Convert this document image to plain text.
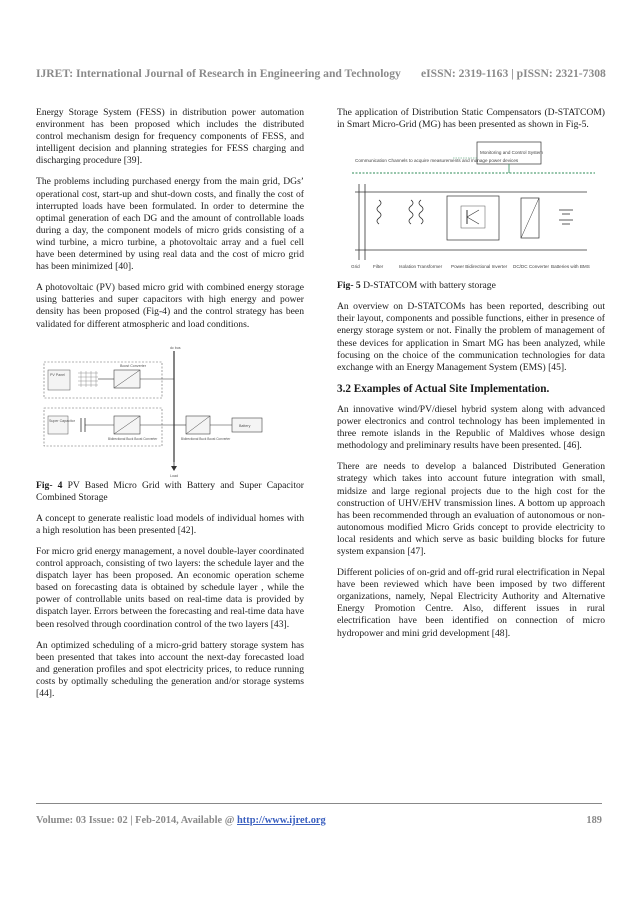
IJRET: International Journal of Research in Engineering and Technology eISSN: 2319-1163 | pISSN: 2321-7308

Energy Storage System (FESS) in distribution power automation environment has been proposed which includes the distributed control mechanism design for frequency components of FESS, and intelligent decision and planning strategies for FESS charging and discharging procedure [39].

The problems including purchased energy from the main grid, DGs’ operational cost, start-up and shut-down costs, and finally the cost of interrupted loads have been formulated. In order to determine the optimal generation of each DG and the amount of controllable loads during a day, the component models of micro grids consisting of a wind turbine, a micro turbine, a photovoltaic array and a fuel cell have been determined by using real data and the cost of micro grid has been minimized [40].

A photovoltaic (PV) based micro grid with combined energy storage using batteries and super capacitors with high energy and power density has been proposed (Fig-4) and the control strategy has been validated for different atmospheric and load conditions.

dc bus
PV Panel
Boost Converter
Super Capacitor
Bidirectional Buck Boost Converter	Bidirectional Buck Boost Converter
Battery
Load

Fig- 4 PV Based Micro Grid with Battery and Super Capacitor Combined Storage

A concept to generate realistic load models of individual homes with a high resolution has been presented [42].

For micro grid energy management, a novel double-layer coordinated control approach, consisting of two layers: the schedule layer and the dispatch layer has been proposed. An economic operation scheme based on forecasting data is obtained by schedule layer , while the power of controllable units based on real-time data is provided by dispatch layer. Errors between the forecasting and real-time data have been resolved through coordination control of the two layers [43].

An optimized scheduling of a micro-grid battery storage system has been presented that takes into account the next-day forecasted load and generation profiles and spot electricity prices, to reduce running costs by optimally scheduling the generation and/or storage systems [44].

The application of Distribution Static Compensators (D-STATCOM) in Smart Micro-Grid (MG) has been presented as shown in Fig-5.

Monitoring and Control System
Communication Channels to acquire measurements and manage power devices
Grid	Filter	Isolation Transformer Power Bidirectional Inverter DC/DC Converter Batteries with BMS

Fig- 5 D-STATCOM with battery storage

An overview on D-STATCOMs has been reported, describing out their layout, components and possible functions, either in presence of energy storage system or not. Finally the problem of management of these devices for application in Smart MG has been analyzed, while focusing on the choice of the communication technologies for data exchange with an Energy Management System (EMS) [45].

3.2 Examples of Actual Site Implementation.

An innovative wind/PV/diesel hybrid system along with advanced power electronics and control technology has been implemented in three remote islands in the Republic of Maldives whose design methodology and preliminary results have been presented. [46].

There are needs to develop a balanced Distributed Generation strategy which takes into account future integration with small, midsize and large regional projects due to the high cost for the construction of UHV/EHV transmission lines. A bottom up approach has been recommended through an evaluation of autonomous or non-autonomous modified Micro Grids concept to provide electricity to local residents and which serve as basic building blocks for future system expansion [47].

Different policies of on-grid and off-grid rural electrification in Nepal have been reviewed which have been imposed by two different organizations, namely, Nepal Electricity Authority and Alternative Energy Promotion Centre. Also, different issues in rural electrification have been identified on connection of micro hydropower and mini grid development [48].

Volume: 03 Issue: 02 | Feb-2014, Available @ http://www.ijret.org	189
